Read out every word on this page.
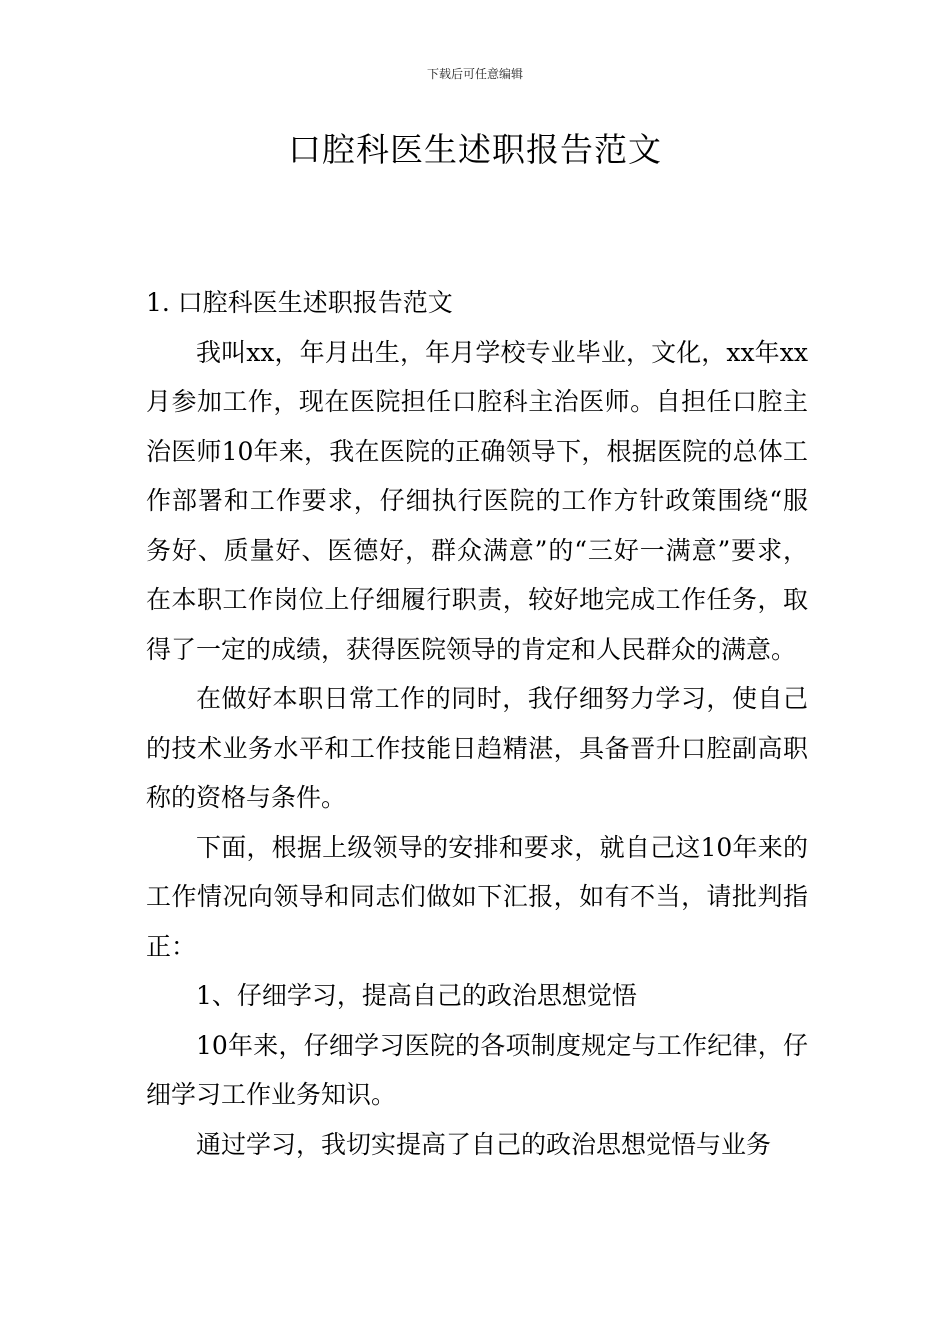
下载后可任意编辑
口腔科医生述职报告范文

1. 口腔科医生述职报告范文

我叫xx，年月出生，年月学校专业毕业，文化，xx年xx月参加工作，现在医院担任口腔科主治医师。自担任口腔主治医师10年来，我在医院的正确领导下，根据医院的总体工作部署和工作要求，仔细执行医院的工作方针政策围绕“服务好、质量好、医德好，群众满意”的“三好一满意”要求，在本职工作岗位上仔细履行职责，较好地完成工作任务，取得了一定的成绩，获得医院领导的肯定和人民群众的满意。

在做好本职日常工作的同时，我仔细努力学习，使自己的技术业务水平和工作技能日趋精湛，具备晋升口腔副高职称的资格与条件。

下面，根据上级领导的安排和要求，就自己这10年来的工作情况向领导和同志们做如下汇报，如有不当，请批判指正：

1、仔细学习，提高自己的政治思想觉悟

10年来，仔细学习医院的各项制度规定与工作纪律，仔细学习工作业务知识。

通过学习，我切实提高了自己的政治思想觉悟与业务
